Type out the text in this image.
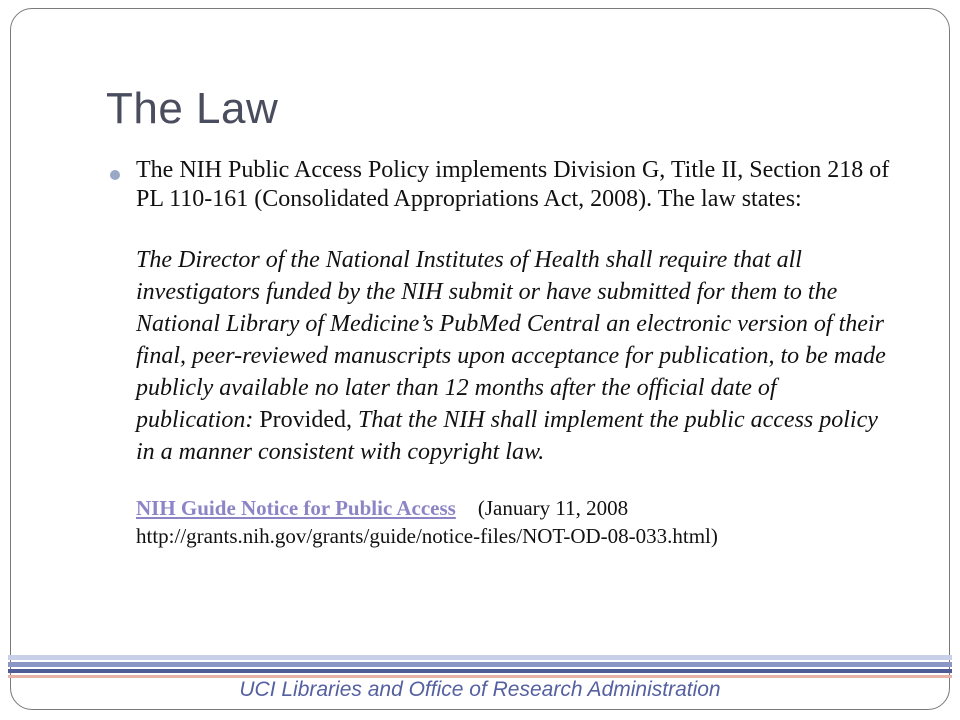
The Law

The NIH Public Access Policy implements Division G, Title II, Section 218 of PL 110-161 (Consolidated Appropriations Act, 2008). The law states:

The Director of the National Institutes of Health shall require that all investigators funded by the NIH submit or have submitted for them to the National Library of Medicine’s PubMed Central an electronic version of their final, peer-reviewed manuscripts upon acceptance for publication, to be made publicly available no later than 12 months after the official date of publication: Provided, That the NIH shall implement the public access policy in a manner consistent with copyright law.

NIH Guide Notice for Public Access (January 11, 2008
http://grants.nih.gov/grants/guide/notice-files/NOT-OD-08-033.html)

UCI Libraries and Office of Research Administration
